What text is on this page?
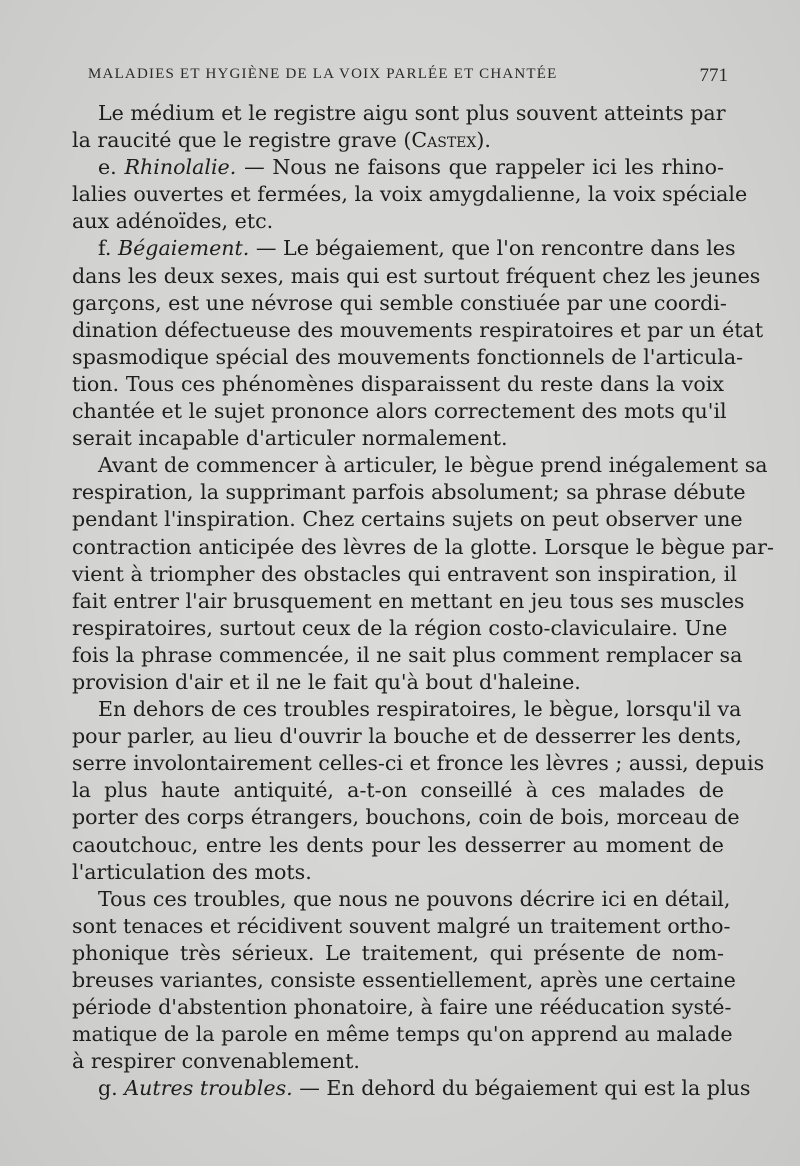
MALADIES ET HYGIÈNE DE LA VOIX PARLÉE ET CHANTÉE	771
Le médium et le registre aigu sont plus souvent atteints par
la raucité que le registre grave (Castex).
e. Rhinolalie. — Nous ne faisons que rappeler ici les rhino-
lalies ouvertes et fermées, la voix amygdalienne, la voix spéciale
aux adénoïdes, etc.
f. Bégaiement. — Le bégaiement, que l'on rencontre dans les
dans les deux sexes, mais qui est surtout fréquent chez les jeunes
garçons, est une névrose qui semble constiuée par une coordi-
dination défectueuse des mouvements respiratoires et par un état
spasmodique spécial des mouvements fonctionnels de l'articula-
tion. Tous ces phénomènes disparaissent du reste dans la voix
chantée et le sujet prononce alors correctement des mots qu'il
serait incapable d'articuler normalement.
Avant de commencer à articuler, le bègue prend inégalement sa
respiration, la supprimant parfois absolument; sa phrase débute
pendant l'inspiration. Chez certains sujets on peut observer une
contraction anticipée des lèvres de la glotte. Lorsque le bègue par-
vient à triompher des obstacles qui entravent son inspiration, il
fait entrer l'air brusquement en mettant en jeu tous ses muscles
respiratoires, surtout ceux de la région costo-claviculaire. Une
fois la phrase commencée, il ne sait plus comment remplacer sa
provision d'air et il ne le fait qu'à bout d'haleine.
En dehors de ces troubles respiratoires, le bègue, lorsqu'il va
pour parler, au lieu d'ouvrir la bouche et de desserrer les dents,
serre involontairement celles-ci et fronce les lèvres ; aussi, depuis
la plus haute antiquité, a-t-on conseillé à ces malades de
porter des corps étrangers, bouchons, coin de bois, morceau de
caoutchouc, entre les dents pour les desserrer au moment de
l'articulation des mots.
Tous ces troubles, que nous ne pouvons décrire ici en détail,
sont tenaces et récidivent souvent malgré un traitement ortho-
phonique très sérieux. Le traitement, qui présente de nom-
breuses variantes, consiste essentiellement, après une certaine
période d'abstention phonatoire, à faire une rééducation systé-
matique de la parole en même temps qu'on apprend au malade
à respirer convenablement.
g. Autres troubles. — En dehord du bégaiement qui est la plus
